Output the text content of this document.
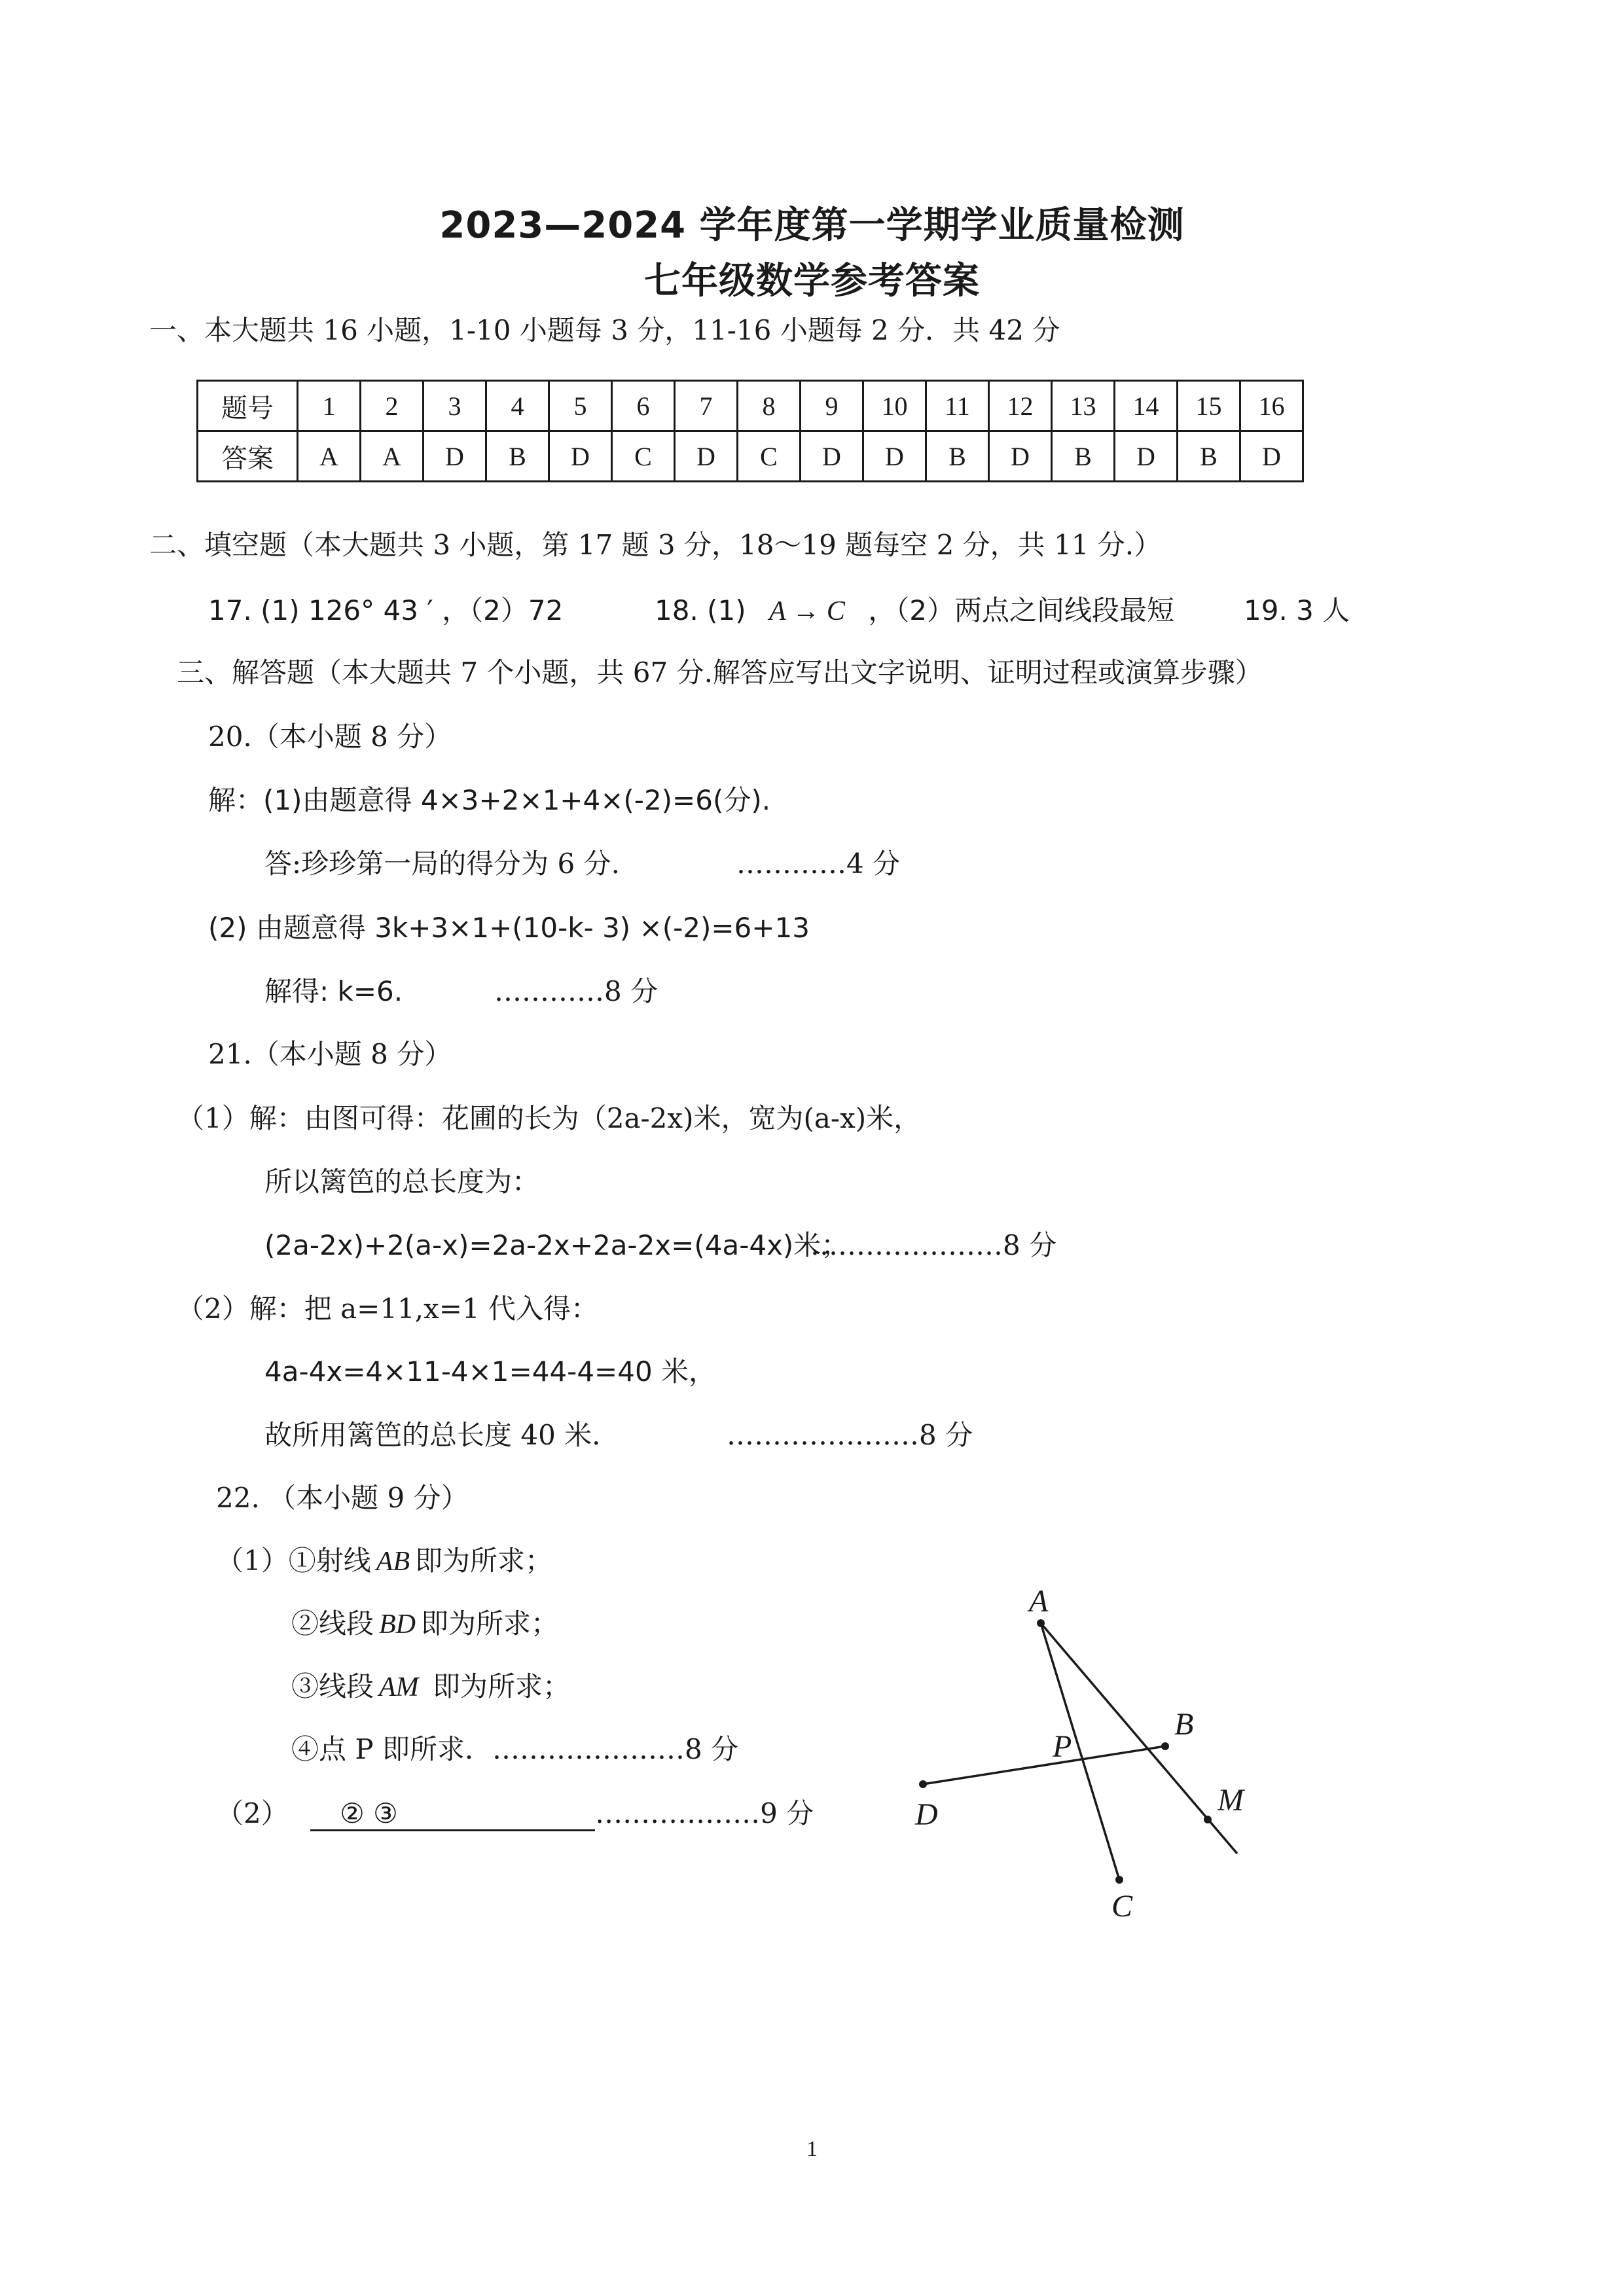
2023—2024 学年度第一学期学业质量检测
七年级数学参考答案
一、本大题共 16 小题，1-10 小题每 3 分，11-16 小题每 2 分．共 42 分
题号	1	2	3	4	5	6	7	8	9	10	11	12	13	14	15	16
答案	A	A	D	B	D	C	D	C	D	D	B	D	B	D	B	D
二、填空题（本大题共 3 小题，第 17 题 3 分，18～19 题每空 2 分，共 11 分.）
17. (1) 126° 43 ′ ，（2）72	18. (1) A → C ，（2）两点之间线段最短	19. 3 人
三、解答题（本大题共 7 个小题，共 67 分.解答应写出文字说明、证明过程或演算步骤）
20.（本小题 8 分）
解：(1)由题意得 4×3+2×1+4×(-2)=6(分).
答:珍珍第一局的得分为 6 分.	…………4 分
(2) 由题意得 3k+3×1+(10-k- 3) ×(-2)=6+13
解得: k=6.	…………8 分
21.（本小题 8 分）
（1）解：由图可得：花圃的长为（2a-2x)米，宽为(a-x)米，
所以篱笆的总长度为：
(2a-2x)+2(a-x)=2a-2x+2a-2x=(4a-4x)米；
…………………8 分
（2）解：把 a=11,x=1 代入得：
4a-4x=4×11-4×1=44-4=40 米，
故所用篱笆的总长度 40 米.	…………………8 分
22. （本小题 9 分）
（1）①射线 AB 即为所求；
②线段 BD 即为所求；
③线段 AM 即为所求；
④点 P 即所求．…………………8 分
（2） ② ③	………………9 分
A
B
C
D	M
P
1
